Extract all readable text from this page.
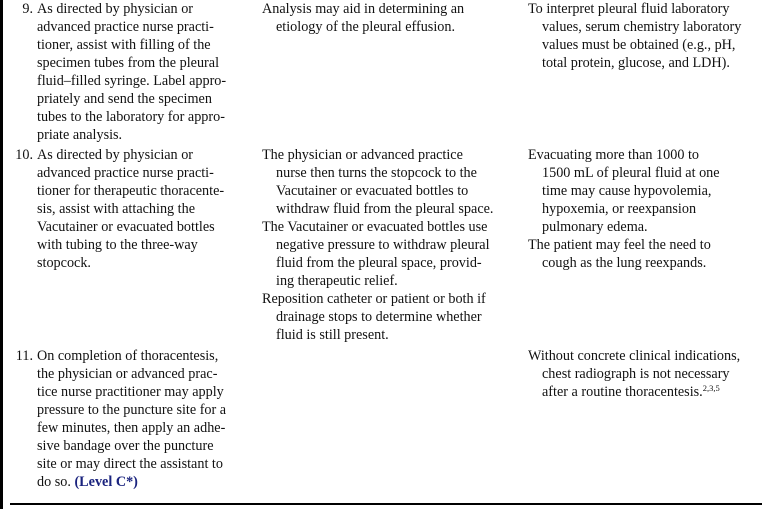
9. As directed by physician or

advanced practice nurse practi-

tioner, assist with filling of the

specimen tubes from the pleural

fluid–filled syringe. Label appro-

priately and send the specimen

tubes to the laboratory for appro-

priate analysis.

Analysis may aid in determining an

etiology of the pleural effusion.

To interpret pleural fluid laboratory

values, serum chemistry laboratory

values must be obtained (e.g., pH,

total protein, glucose, and LDH).

10. As directed by physician or

advanced practice nurse practi-

tioner for therapeutic thoracente-

sis, assist with attaching the

Vacutainer or evacuated bottles

with tubing to the three-way

stopcock.

The physician or advanced practice

nurse then turns the stopcock to the

Vacutainer or evacuated bottles to

withdraw fluid from the pleural space.

The Vacutainer or evacuated bottles use

negative pressure to withdraw pleural

fluid from the pleural space, provid-

ing therapeutic relief.

Reposition catheter or patient or both if

drainage stops to determine whether

fluid is still present.

Evacuating more than 1000 to

1500 mL of pleural fluid at one

time may cause hypovolemia,

hypoxemia, or reexpansion

pulmonary edema.

The patient may feel the need to

cough as the lung reexpands.

11. On completion of thoracentesis,

the physician or advanced prac-

tice nurse practitioner may apply

pressure to the puncture site for a

few minutes, then apply an adhe-

sive bandage over the puncture

site or may direct the assistant to

do so. (Level C*)

Without concrete clinical indications,

chest radiograph is not necessary

after a routine thoracentesis.$^{2,3,5}$
